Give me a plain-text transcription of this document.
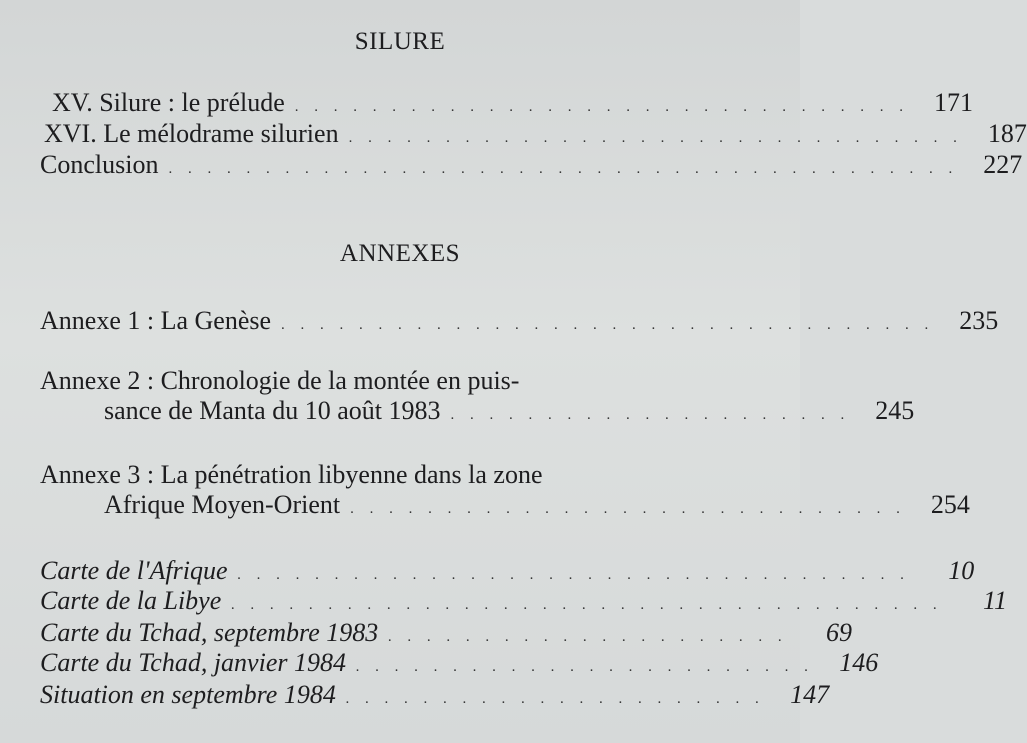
SILURE
XV. Silure : le prélude . . . . . . . . . . . . . . . . . . . . . . . . . . . . . . . . 171
XVI. Le mélodrame silurien . . . . . . . . . . . . . . . . . . . . . . . . . . . . . . . . 187
Conclusion . . . . . . . . . . . . . . . . . . . . . . . . . . . . . . . . . . . . . . . . . 227
ANNEXES
Annexe 1 : La Genèse . . . . . . . . . . . . . . . . . . . . . . . . . . . . . . . . . . 235
Annexe 2 : Chronologie de la montée en puis-
sance de Manta du 10 août 1983 . . . . . . . . . . . . . . . . . . . . . 245
Annexe 3 : La pénétration libyenne dans la zone
Afrique Moyen-Orient . . . . . . . . . . . . . . . . . . . . . . . . . . . . . 254
Carte de l'Afrique . . . . . . . . . . . . . . . . . . . . . . . . . . . . . . . . . . .	10
Carte de la Libye . . . . . . . . . . . . . . . . . . . . . . . . . . . . . . . . . . . . .	11
Carte du Tchad, septembre 1983 . . . . . . . . . . . . . . . . . . . . .	69
Carte du Tchad, janvier 1984 . . . . . . . . . . . . . . . . . . . . . . . . 146
Situation en septembre 1984 . . . . . . . . . . . . . . . . . . . . . . 147
